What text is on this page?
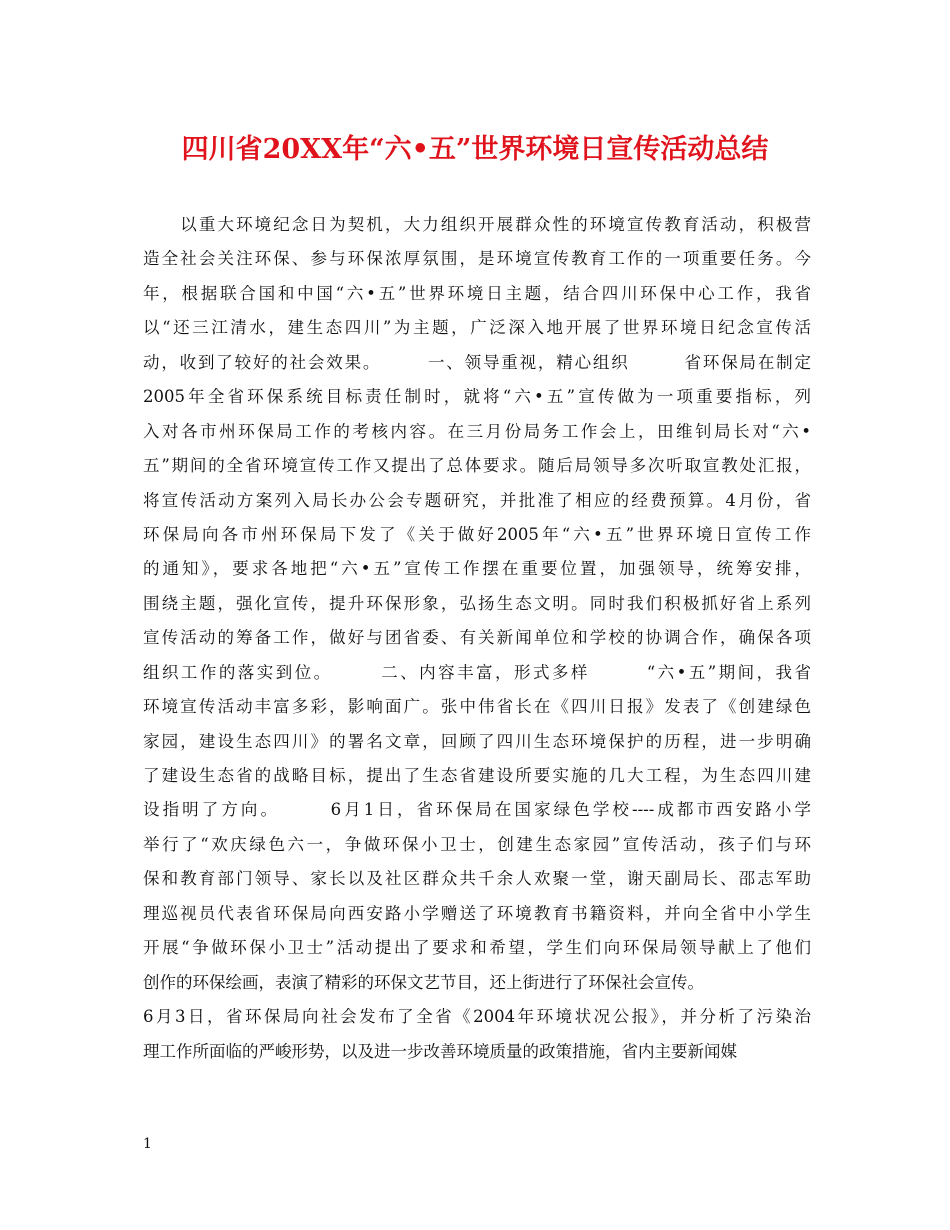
四川省20XX年“六•五”世界环境日宣传活动总结
　　以重大环境纪念日为契机，大力组织开展群众性的环境宣传教育活动，积极营
造全社会关注环保、参与环保浓厚氛围，是环境宣传教育工作的一项重要任务。今
年，根据联合国和中国“六•五”世界环境日主题，结合四川环保中心工作，我省
以“还三江清水，建生态四川”为主题，广泛深入地开展了世界环境日纪念宣传活
动，收到了较好的社会效果。　　　一、领导重视，精心组织　　　省环保局在制定
2005年全省环保系统目标责任制时，就将“六•五”宣传做为一项重要指标，列
入对各市州环保局工作的考核内容。在三月份局务工作会上，田维钊局长对“六•
五”期间的全省环境宣传工作又提出了总体要求。随后局领导多次听取宣教处汇报，
将宣传活动方案列入局长办公会专题研究，并批准了相应的经费预算。4月份，省
环保局向各市州环保局下发了《关于做好2005年“六•五”世界环境日宣传工作
的通知》，要求各地把“六•五”宣传工作摆在重要位置，加强领导，统筹安排，
围绕主题，强化宣传，提升环保形象，弘扬生态文明。同时我们积极抓好省上系列
宣传活动的筹备工作，做好与团省委、有关新闻单位和学校的协调合作，确保各项
组织工作的落实到位。　　　二、内容丰富，形式多样　　　“六•五”期间，我省
环境宣传活动丰富多彩，影响面广。张中伟省长在《四川日报》发表了《创建绿色
家园，建设生态四川》的署名文章，回顾了四川生态环境保护的历程，进一步明确
了建设生态省的战略目标，提出了生态省建设所要实施的几大工程，为生态四川建
设指明了方向。　　　6月1日，省环保局在国家绿色学校----成都市西安路小学
举行了“欢庆绿色六一，争做环保小卫士，创建生态家园”宣传活动，孩子们与环
保和教育部门领导、家长以及社区群众共千余人欢聚一堂，谢天副局长、邵志军助
理巡视员代表省环保局向西安路小学赠送了环境教育书籍资料，并向全省中小学生
开展“争做环保小卫士”活动提出了要求和希望，学生们向环保局领导献上了他们
创作的环保绘画，表演了精彩的环保文艺节目，还上街进行了环保社会宣传。
6月3日，省环保局向社会发布了全省《2004年环境状况公报》，并分析了污染治
理工作所面临的严峻形势，以及进一步改善环境质量的政策措施，省内主要新闻媒
1
